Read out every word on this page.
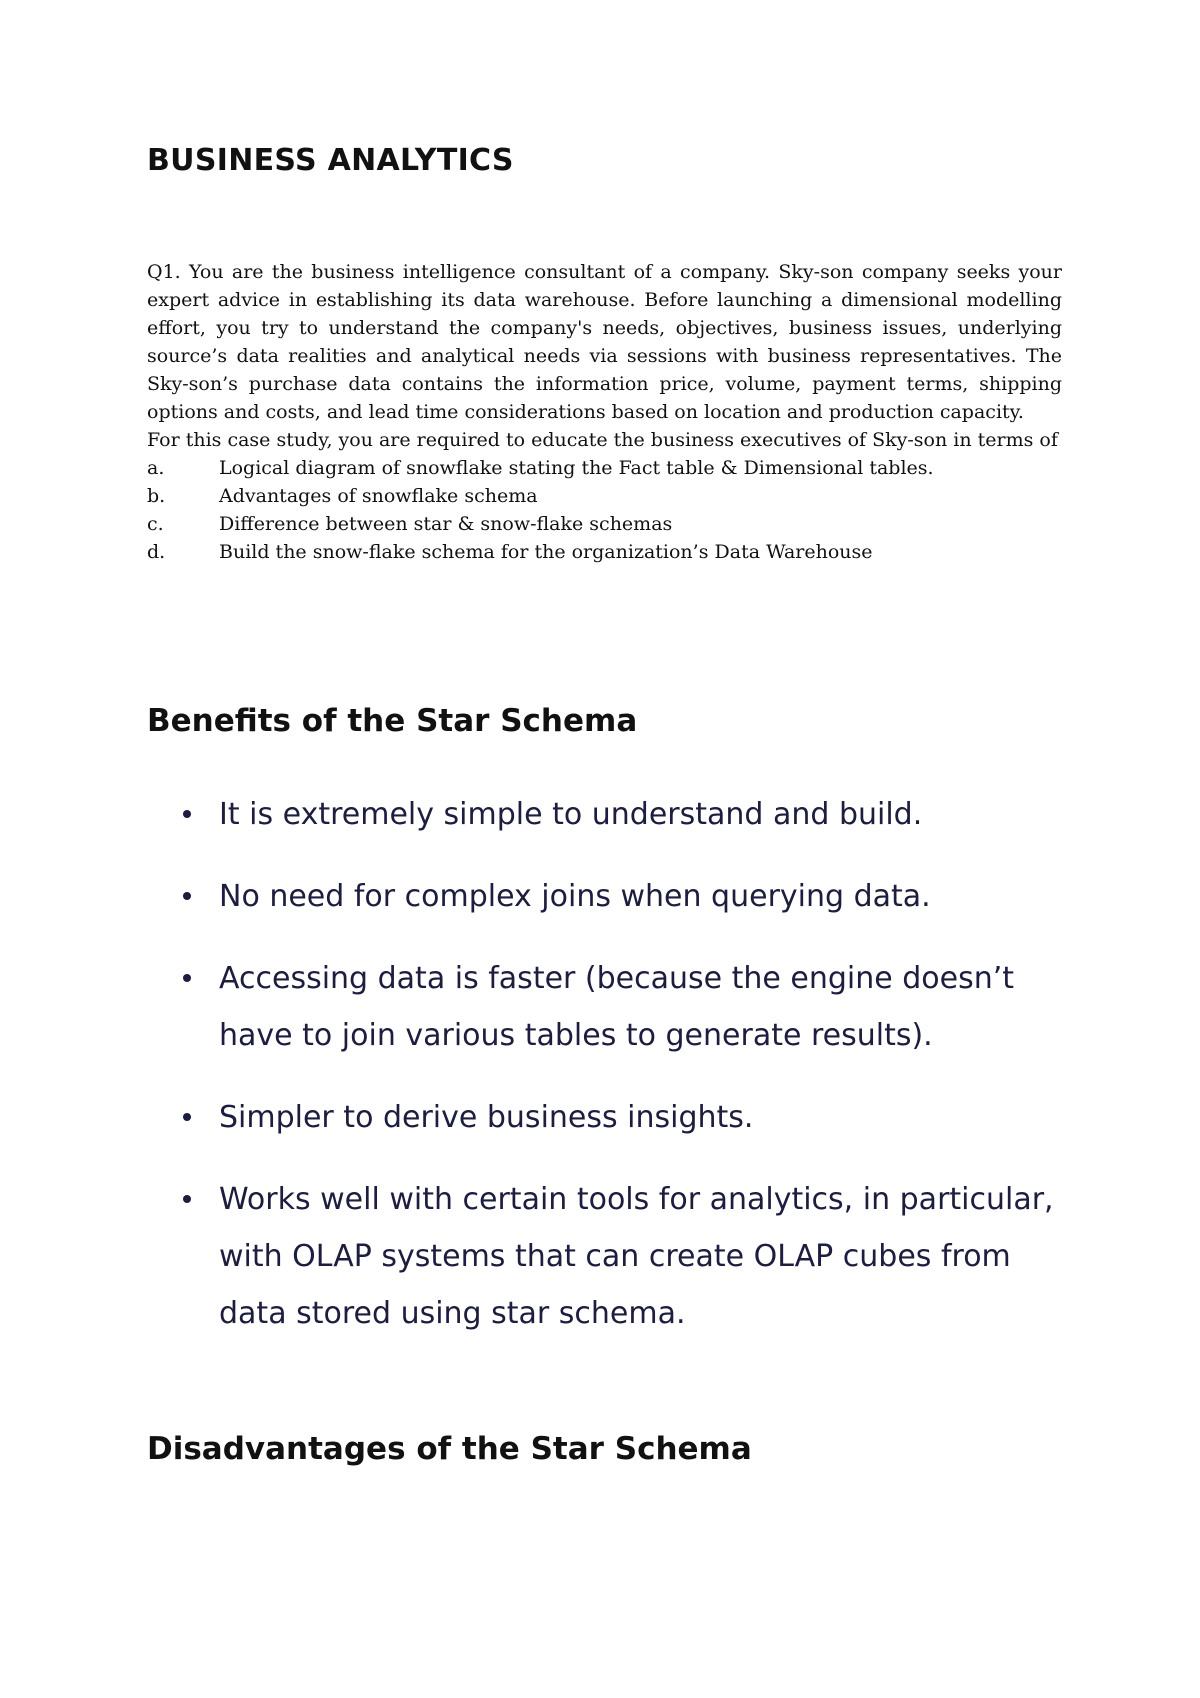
BUSINESS ANALYTICS

Q1. You are the business intelligence consultant of a company. Sky-son company seeks your expert advice in establishing its data warehouse. Before launching a dimensional modelling effort, you try to understand the company's needs, objectives, business issues, underlying source’s data realities and analytical needs via sessions with business representatives. The Sky-son’s purchase data contains the information price, volume, payment terms, shipping options and costs, and lead time considerations based on location and production capacity.

For this case study, you are required to educate the business executives of Sky-son in terms of

a.	Logical diagram of snowflake stating the Fact table & Dimensional tables.
b.	Advantages of snowflake schema
c.	Difference between star & snow-flake schemas
d.	Build the snow-flake schema for the organization’s Data Warehouse
Benefits of the Star Schema
It is extremely simple to understand and build.
No need for complex joins when querying data.
Accessing data is faster (because the engine doesn’t have to join various tables to generate results).
Simpler to derive business insights.
Works well with certain tools for analytics, in particular, with OLAP systems that can create OLAP cubes from data stored using star schema.
Disadvantages of the Star Schema
